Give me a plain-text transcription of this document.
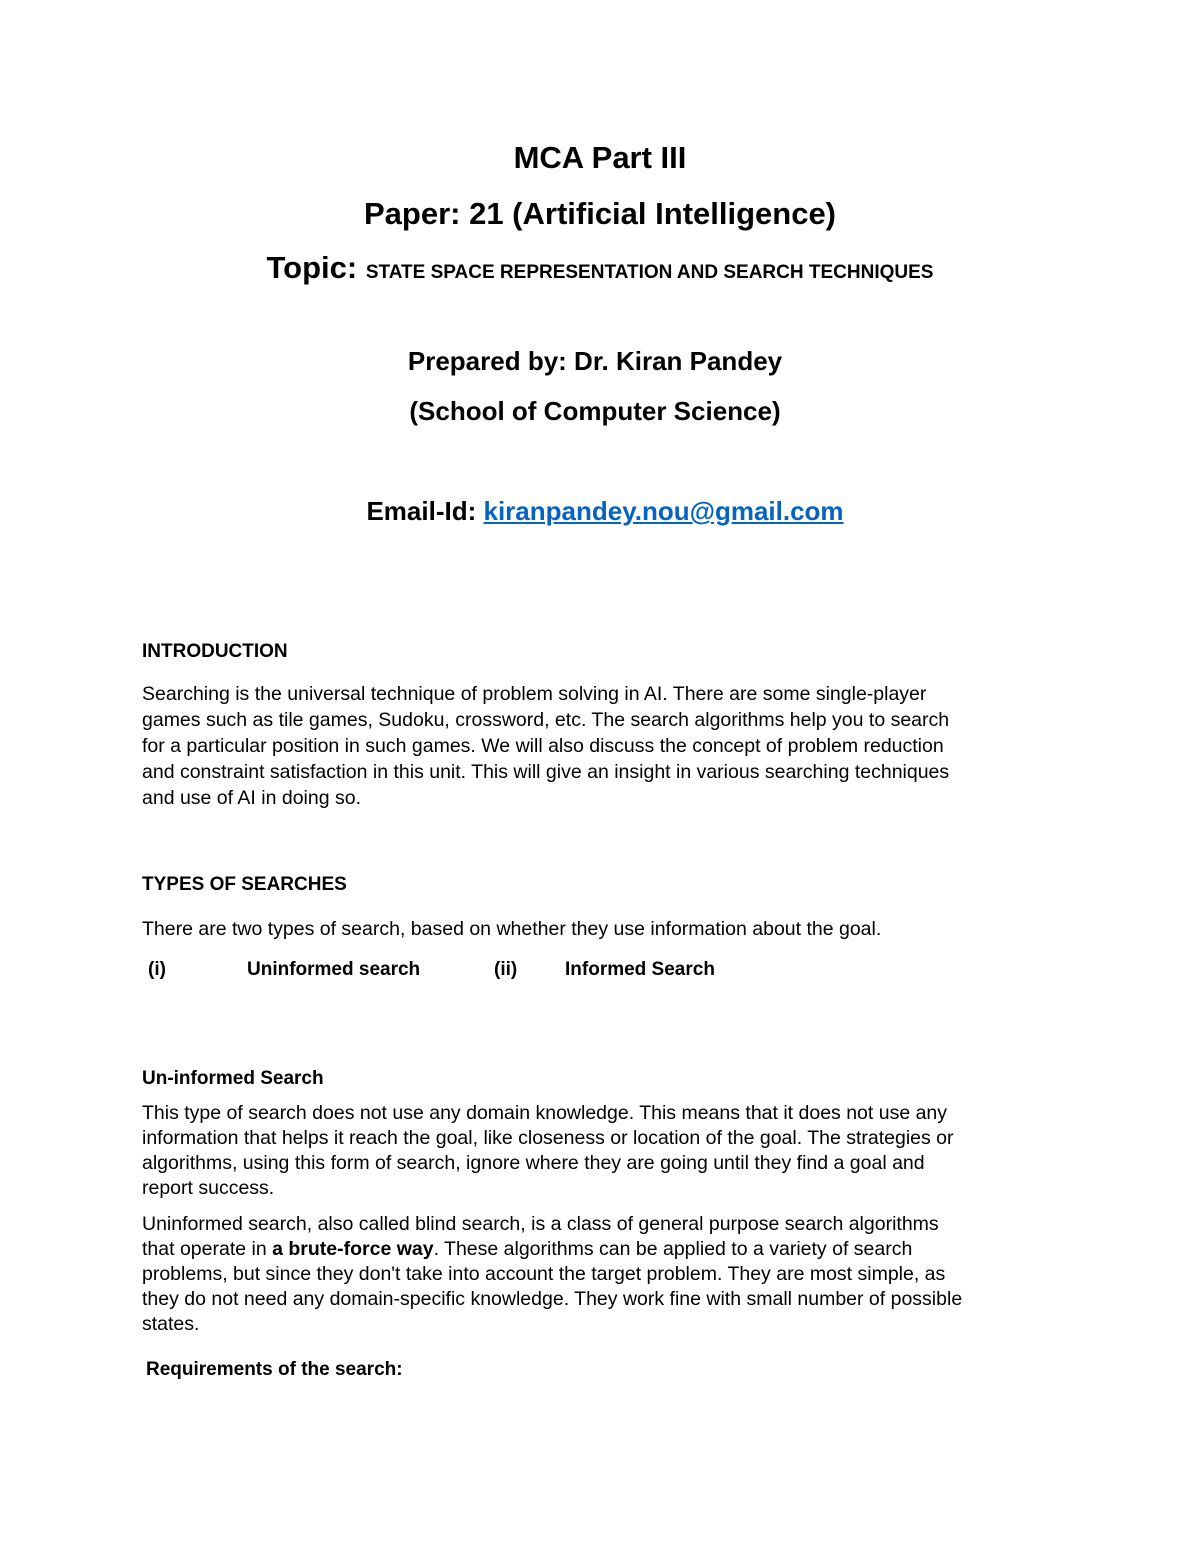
MCA Part III
Paper: 21 (Artificial Intelligence)
Topic: STATE SPACE REPRESENTATION AND SEARCH TECHNIQUES
Prepared by: Dr. Kiran Pandey
(School of Computer Science)
Email-Id: kiranpandey.nou@gmail.com
INTRODUCTION
Searching is the universal technique of problem solving in AI. There are some single-player
games such as tile games, Sudoku, crossword, etc. The search algorithms help you to search
for a particular position in such games. We will also discuss the concept of problem reduction
and constraint satisfaction in this unit. This will give an insight in various searching techniques
and use of AI in doing so.
TYPES OF SEARCHES
There are two types of search, based on whether they use information about the goal.
(i)	Uninformed search	(ii)	Informed Search
Un-informed Search
This type of search does not use any domain knowledge. This means that it does not use any
information that helps it reach the goal, like closeness or location of the goal. The strategies or
algorithms, using this form of search, ignore where they are going until they find a goal and
report success.
Uninformed search, also called blind search, is a class of general purpose search algorithms
that operate in a brute-force way. These algorithms can be applied to a variety of search
problems, but since they don't take into account the target problem. They are most simple, as
they do not need any domain-specific knowledge. They work fine with small number of possible
states.
Requirements of the search:
